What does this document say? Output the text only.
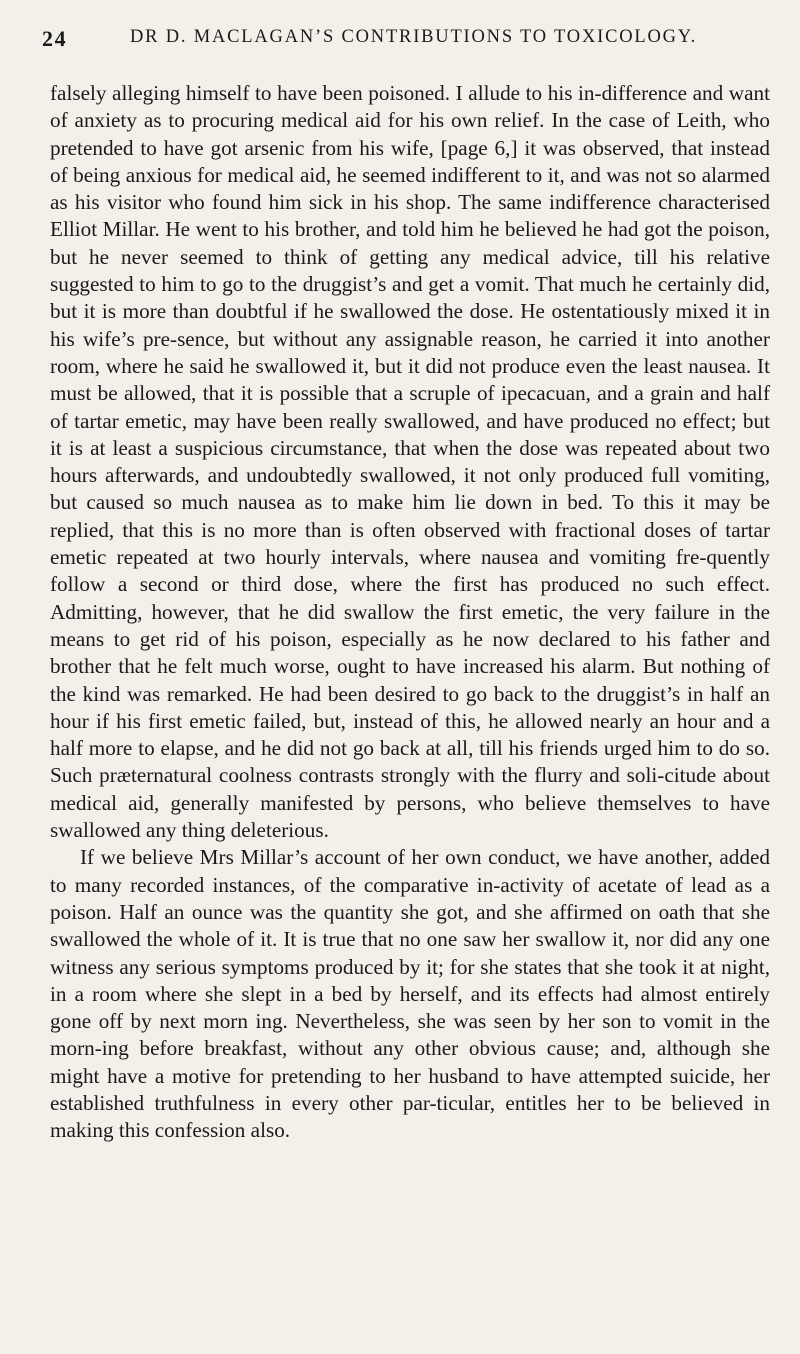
24	DR D. MACLAGAN’S CONTRIBUTIONS TO TOXICOLOGY.

falsely alleging himself to have been poisoned. I allude to his in-difference and want of anxiety as to procuring medical aid for his own relief. In the case of Leith, who pretended to have got arsenic from his wife, [page 6,] it was observed, that instead of being anxious for medical aid, he seemed indifferent to it, and was not so alarmed as his visitor who found him sick in his shop. The same indifference characterised Elliot Millar. He went to his brother, and told him he believed he had got the poison, but he never seemed to think of getting any medical advice, till his relative suggested to him to go to the druggist’s and get a vomit. That much he certainly did, but it is more than doubtful if he swallowed the dose. He ostentatiously mixed it in his wife’s pre-sence, but without any assignable reason, he carried it into another room, where he said he swallowed it, but it did not produce even the least nausea. It must be allowed, that it is possible that a scruple of ipecacuan, and a grain and half of tartar emetic, may have been really swallowed, and have produced no effect; but it is at least a suspicious circumstance, that when the dose was repeated about two hours afterwards, and undoubtedly swallowed, it not only produced full vomiting, but caused so much nausea as to make him lie down in bed. To this it may be replied, that this is no more than is often observed with fractional doses of tartar emetic repeated at two hourly intervals, where nausea and vomiting fre-quently follow a second or third dose, where the first has produced no such effect. Admitting, however, that he did swallow the first emetic, the very failure in the means to get rid of his poison, especially as he now declared to his father and brother that he felt much worse, ought to have increased his alarm. But nothing of the kind was remarked. He had been desired to go back to the druggist’s in half an hour if his first emetic failed, but, instead of this, he allowed nearly an hour and a half more to elapse, and he did not go back at all, till his friends urged him to do so. Such præternatural coolness contrasts strongly with the flurry and soli-citude about medical aid, generally manifested by persons, who believe themselves to have swallowed any thing deleterious.

If we believe Mrs Millar’s account of her own conduct, we have another, added to many recorded instances, of the comparative in-activity of acetate of lead as a poison. Half an ounce was the quantity she got, and she affirmed on oath that she swallowed the whole of it. It is true that no one saw her swallow it, nor did any one witness any serious symptoms produced by it; for she states that she took it at night, in a room where she slept in a bed by herself, and its effects had almost entirely gone off by next morn ing. Nevertheless, she was seen by her son to vomit in the morn-ing before breakfast, without any other obvious cause; and, although she might have a motive for pretending to her husband to have attempted suicide, her established truthfulness in every other par-ticular, entitles her to be believed in making this confession also.
